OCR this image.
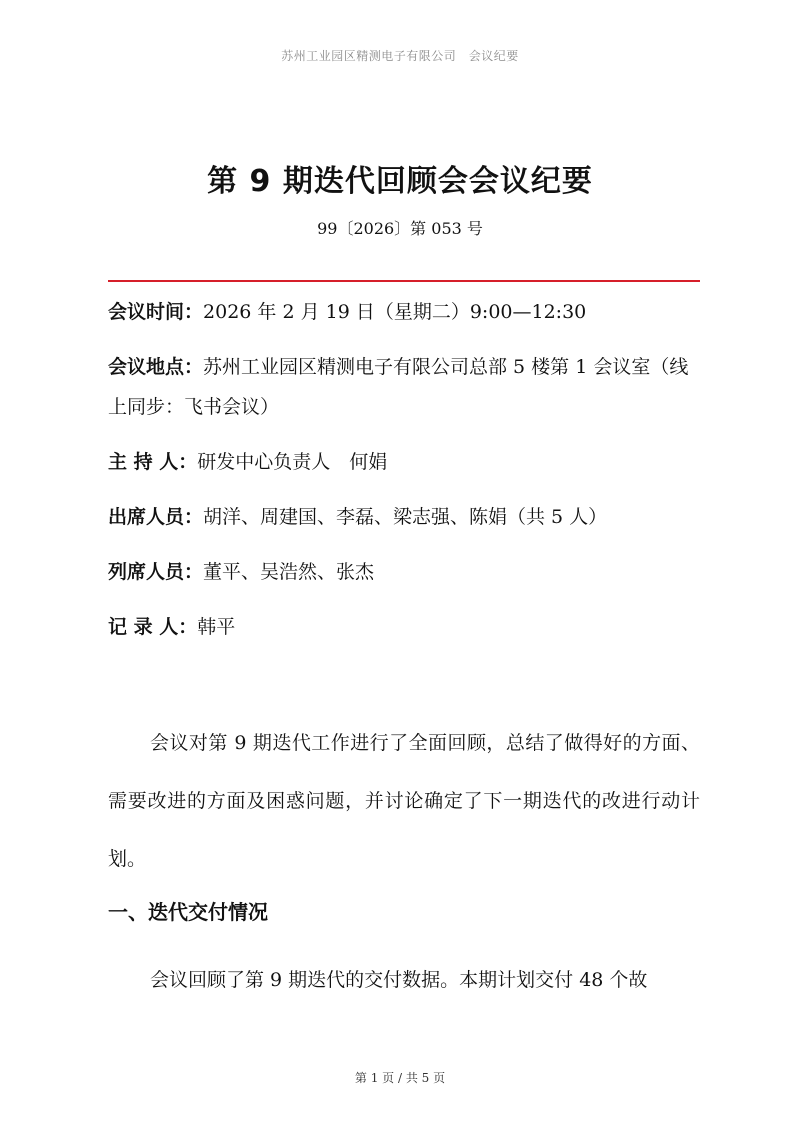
苏州工业园区精测电子有限公司　会议纪要
第 9 期迭代回顾会会议纪要
99〔2026〕第 053 号
会议时间：2026 年 2 月 19 日（星期二）9:00—12:30
会议地点：苏州工业园区精测电子有限公司总部 5 楼第 1 会议室（线上同步：飞书会议）
主 持 人：研发中心负责人　何娟
出席人员：胡洋、周建国、李磊、梁志强、陈娟（共 5 人）
列席人员：董平、吴浩然、张杰
记 录 人：韩平
会议对第 9 期迭代工作进行了全面回顾，总结了做得好的方面、需要改进的方面及困惑问题，并讨论确定了下一期迭代的改进行动计划。
一、迭代交付情况
会议回顾了第 9 期迭代的交付数据。本期计划交付 48 个故
第 1 页 / 共 5 页
